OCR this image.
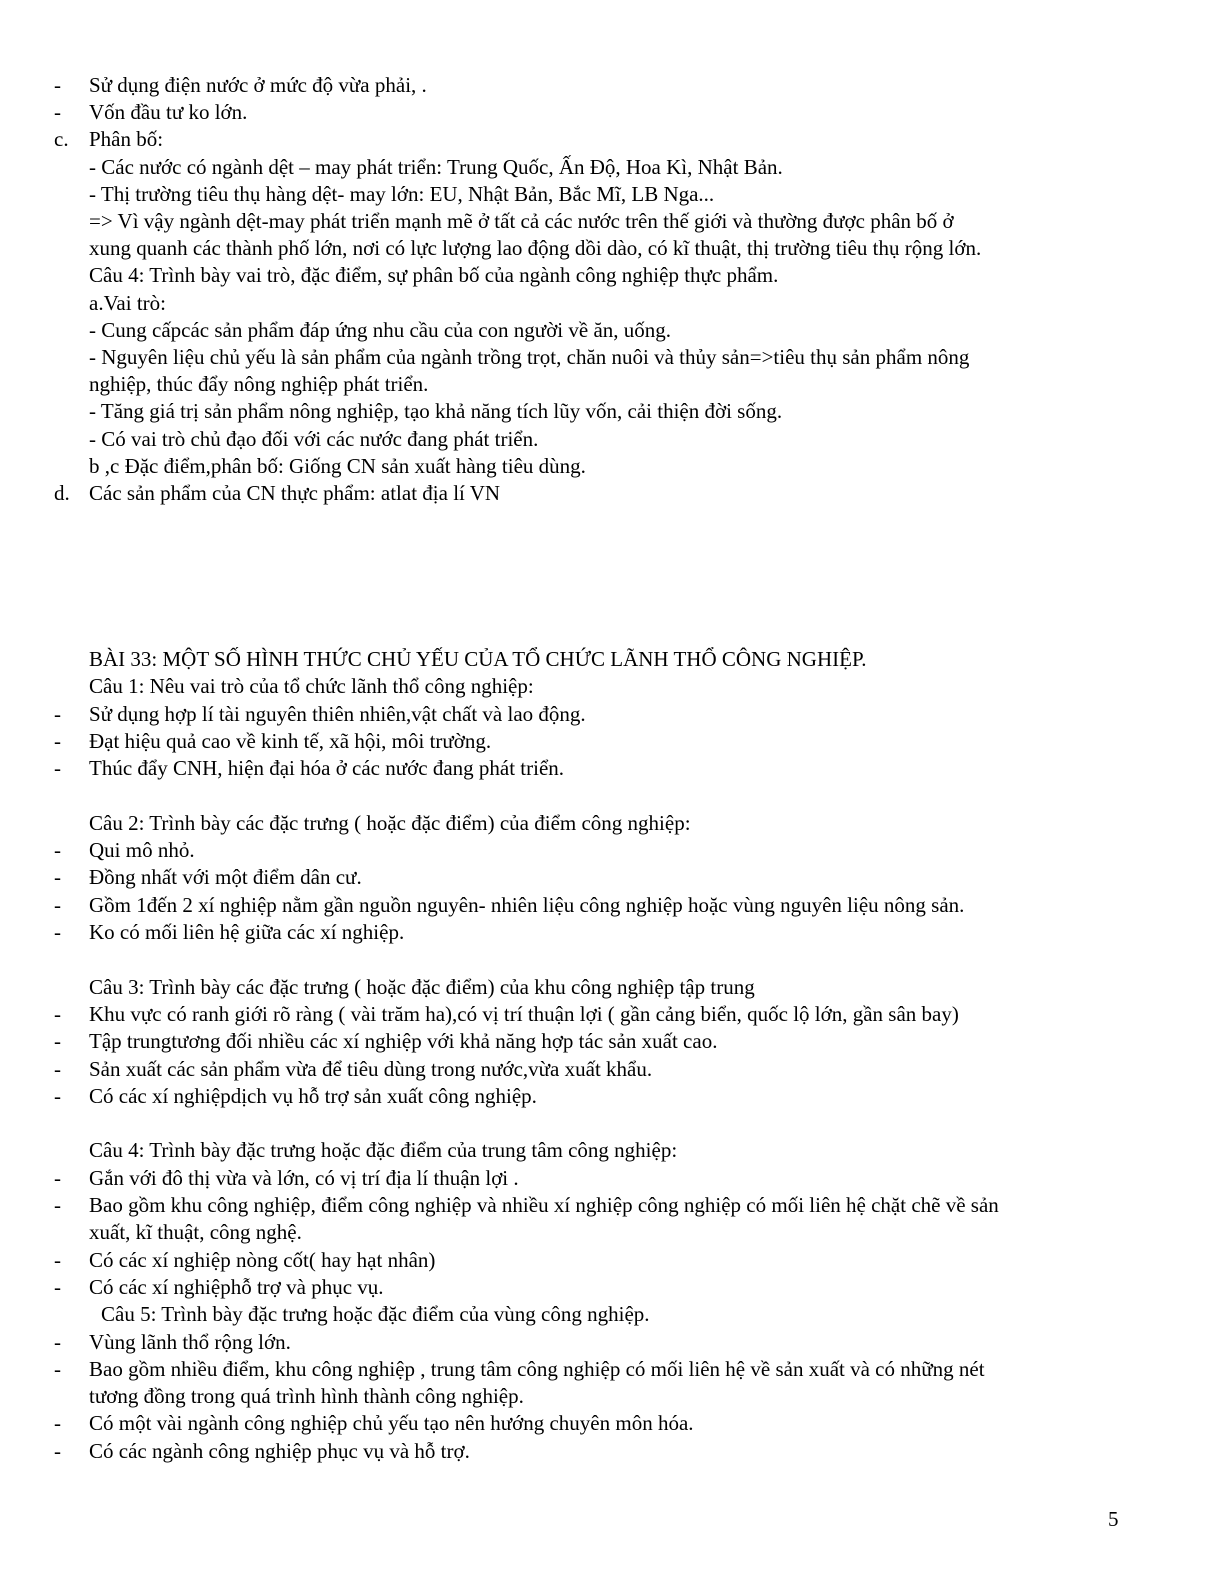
- Sử dụng điện nước ở mức độ vừa phải, .
- Vốn đầu tư ko lớn.
c. Phân bố:
- Các nước có ngành dệt – may phát triển: Trung Quốc, Ấn Độ, Hoa Kì, Nhật Bản.
- Thị trường tiêu thụ hàng dệt- may lớn: EU, Nhật Bản, Bắc Mĩ, LB Nga...
=> Vì vậy ngành dệt-may phát triển mạnh mẽ ở tất cả các nước trên thế giới và thường được phân bố ở
xung quanh các thành phố lớn, nơi có lực lượng lao động dồi dào, có kĩ thuật, thị trường tiêu thụ rộng lớn.
Câu 4: Trình bày vai trò, đặc điểm, sự phân bố của ngành công nghiệp thực phẩm.
a.Vai trò:
- Cung cấpcác sản phẩm đáp ứng nhu cầu của con người về ăn, uống.
- Nguyên liệu chủ yếu là sản phẩm của ngành trồng trọt, chăn nuôi và thủy sản=>tiêu thụ sản phẩm nông
nghiệp, thúc đẩy nông nghiệp phát triển.
- Tăng giá trị sản phẩm nông nghiệp, tạo khả năng tích lũy vốn, cải thiện đời sống.
- Có vai trò chủ đạo đối với các nước đang phát triển.
b ,c Đặc điểm,phân bố: Giống CN sản xuất hàng tiêu dùng.
d. Các sản phẩm của CN thực phẩm: atlat địa lí VN
BÀI 33: MỘT SỐ HÌNH THỨC CHỦ YẾU CỦA TỔ CHỨC LÃNH THỔ CÔNG NGHIỆP.
Câu 1: Nêu vai trò của tổ chức lãnh thổ công nghiệp:
- Sử dụng hợp lí tài nguyên thiên nhiên,vật chất và lao động.
- Đạt hiệu quả cao về kinh tế, xã hội, môi trường.
- Thúc đẩy CNH, hiện đại hóa ở các nước đang phát triển.
Câu 2: Trình bày các đặc trưng ( hoặc đặc điểm) của điểm công nghiệp:
- Qui mô nhỏ.
- Đồng nhất với một điểm dân cư.
- Gồm 1đến 2 xí nghiệp nằm gần nguồn nguyên- nhiên liệu công nghiệp hoặc vùng nguyên liệu nông sản.
- Ko có mối liên hệ giữa các xí nghiệp.
Câu 3: Trình bày các đặc trưng ( hoặc đặc điểm) của khu công nghiệp tập trung
- Khu vực có ranh giới rõ ràng ( vài trăm ha),có vị trí thuận lợi ( gần cảng biển, quốc lộ lớn, gần sân bay)
- Tập trungtương đối nhiều các xí nghiệp với khả năng hợp tác sản xuất cao.
- Sản xuất các sản phẩm vừa để tiêu dùng trong nước,vừa xuất khẩu.
- Có các xí nghiệpdịch vụ hỗ trợ sản xuất công nghiệp.
Câu 4: Trình bày đặc trưng hoặc đặc điểm của trung tâm công nghiệp:
- Gắn với đô thị vừa và lớn, có vị trí địa lí thuận lợi .
- Bao gồm khu công nghiệp, điểm công nghiệp và nhiều xí nghiệp công nghiệp có mối liên hệ chặt chẽ về sản
xuất, kĩ thuật, công nghệ.
- Có các xí nghiệp nòng cốt( hay hạt nhân)
- Có các xí nghiệphỗ trợ và phục vụ.
Câu 5: Trình bày đặc trưng hoặc đặc điểm của vùng công nghiệp.
- Vùng lãnh thổ rộng lớn.
- Bao gồm nhiều điểm, khu công nghiệp , trung tâm công nghiệp có mối liên hệ về sản xuất và có những nét
tương đồng trong quá trình hình thành công nghiệp.
- Có một vài ngành công nghiệp chủ yếu tạo nên hướng chuyên môn hóa.
- Có các ngành công nghiệp phục vụ và hỗ trợ.
5
